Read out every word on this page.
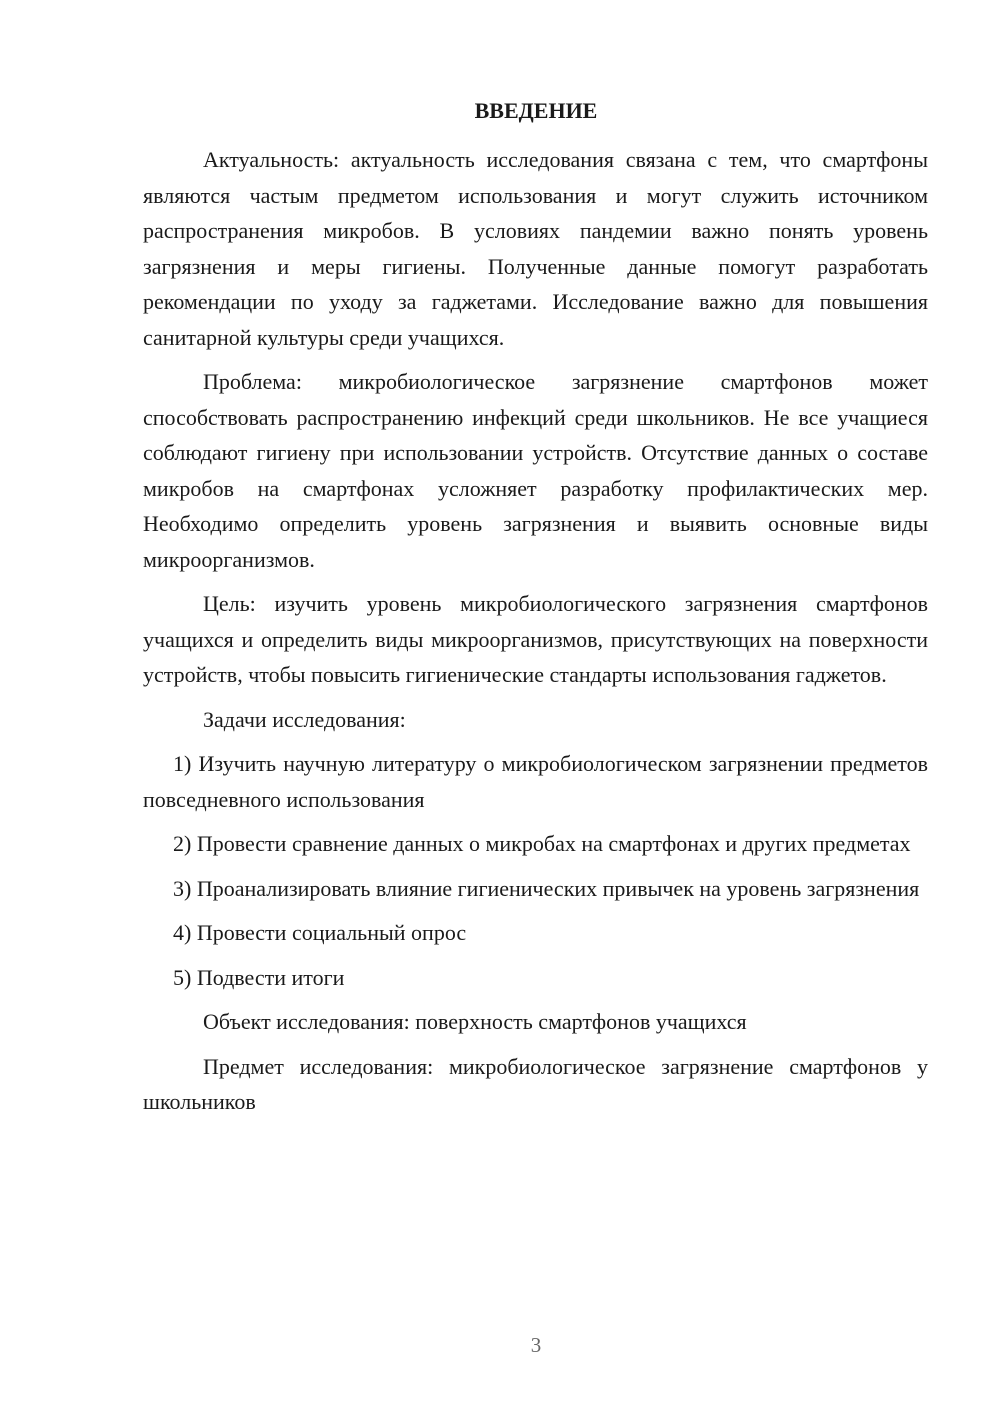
ВВЕДЕНИЕ

Актуальность: актуальность исследования связана с тем, что смартфоны являются частым предметом использования и могут служить источником распространения микробов. В условиях пандемии важно понять уровень загрязнения и меры гигиены. Полученные данные помогут разработать рекомендации по уходу за гаджетами. Исследование важно для повышения санитарной культуры среди учащихся.

Проблема: микробиологическое загрязнение смартфонов может способствовать распространению инфекций среди школьников. Не все учащиеся соблюдают гигиену при использовании устройств. Отсутствие данных о составе микробов на смартфонах усложняет разработку профилактических мер. Необходимо определить уровень загрязнения и выявить основные виды микроорганизмов.

Цель: изучить уровень микробиологического загрязнения смартфонов учащихся и определить виды микроорганизмов, присутствующих на поверхности устройств, чтобы повысить гигиенические стандарты использования гаджетов.

Задачи исследования:

1) Изучить научную литературу о микробиологическом загрязнении предметов повседневного использования

2) Провести сравнение данных о микробах на смартфонах и других предметах

3) Проанализировать влияние гигиенических привычек на уровень загрязнения

4) Провести социальный опрос

5) Подвести итоги

Объект исследования: поверхность смартфонов учащихся

Предмет исследования: микробиологическое загрязнение смартфонов у школьников

3
